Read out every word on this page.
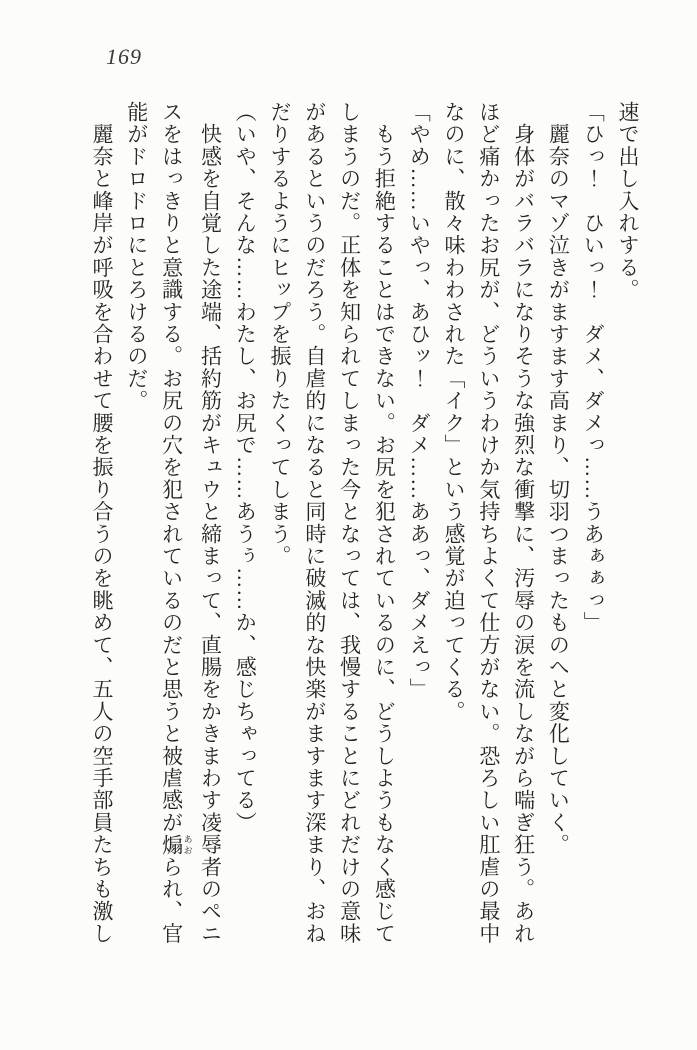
169

速で出し入れする。

「ひっ！　ひいっ！　ダメ、ダメっ……うあぁぁっ」

　麗奈のマゾ泣きがますます高まり、切羽つまったものへと変化していく。

　身体がバラバラになりそうな強烈な衝撃に、汚辱の涙を流しながら喘ぎ狂う。あれ

ほど痛かったお尻が、どういうわけか気持ちよくて仕方がない。恐ろしい肛虐の最中

なのに、散々味わわされた「イク」という感覚が迫ってくる。

「やめ……いやっ、あひッ！　ダメ……ああっ、ダメえっ」

　もう拒絶することはできない。お尻を犯されているのに、どうしようもなく感じて

しまうのだ。正体を知られてしまった今となっては、我慢することにどれだけの意味

があるというのだろう。自虐的になると同時に破滅的な快楽がますます深まり、おね

だりするようにヒップを振りたくってしまう。

（いや、そんな……わたし、お尻で……あうぅ……か、感じちゃってる）

　快感を自覚した途端、括約筋がキュウと締まって、直腸をかきまわす凌辱者のペニ

スをはっきりと意識する。お尻の穴を犯されているのだと思うと被虐感が煽 あおられ、官

能がドロドロにとろけるのだ。

　麗奈と峰岸が呼吸を合わせて腰を振り合うのを眺めて、五人の空手部員たちも激し
